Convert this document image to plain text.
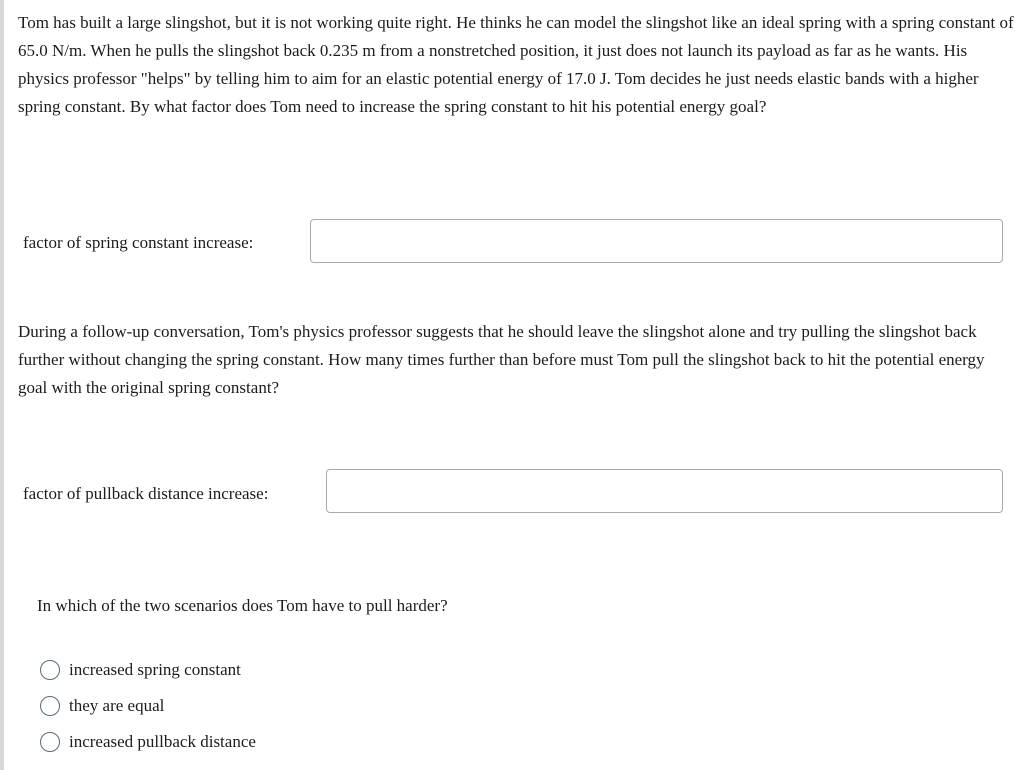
Tom has built a large slingshot, but it is not working quite right. He thinks he can model the slingshot like an ideal spring with a spring constant of 65.0 N/m. When he pulls the slingshot back 0.235 m from a nonstretched position, it just does not launch its payload as far as he wants. His physics professor "helps" by telling him to aim for an elastic potential energy of 17.0 J. Tom decides he just needs elastic bands with a higher spring constant. By what factor does Tom need to increase the spring constant to hit his potential energy goal?
factor of spring constant increase:
During a follow-up conversation, Tom's physics professor suggests that he should leave the slingshot alone and try pulling the slingshot back further without changing the spring constant. How many times further than before must Tom pull the slingshot back to hit the potential energy goal with the original spring constant?
factor of pullback distance increase:
In which of the two scenarios does Tom have to pull harder?
increased spring constant
they are equal
increased pullback distance
